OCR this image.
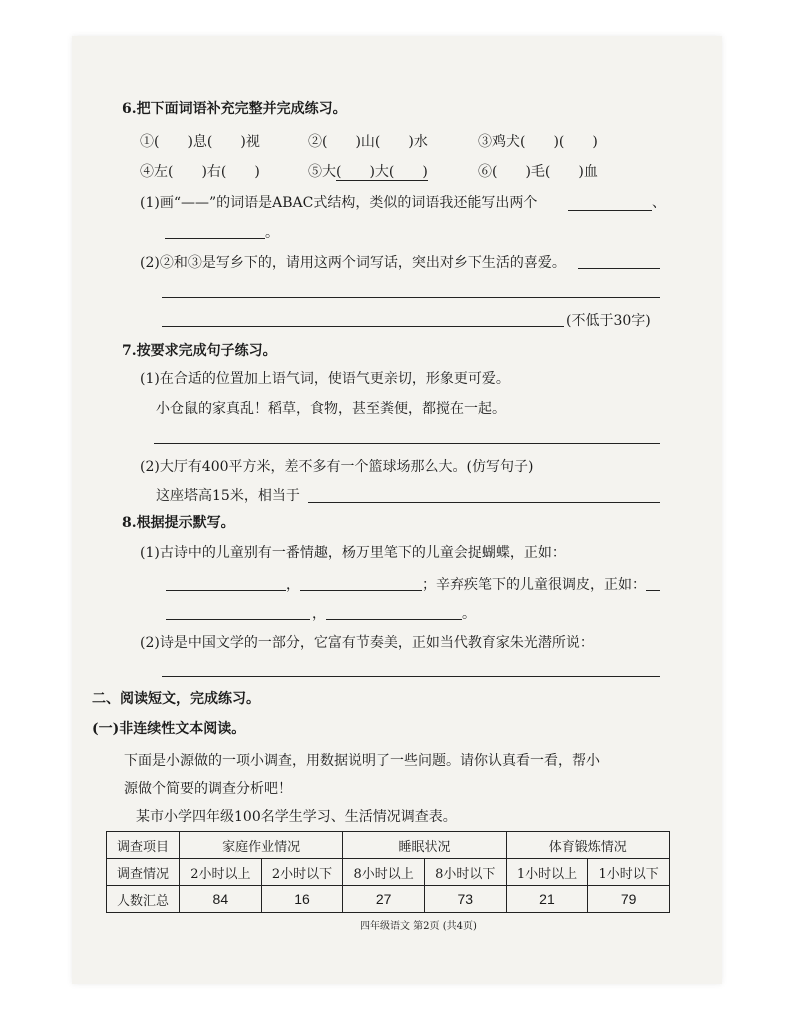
6.把下面词语补充完整并完成练习。
①(　　)息(　　)视	②(　　)山(　　)水	③鸡犬(　　)(　　)
④左(　　)右(　　)	⑤大(　　)大(　　)	⑥(　　)毛(　　)血
(1)画“——”的词语是ABAC式结构，类似的词语我还能写出两个	、
。
(2)②和③是写乡下的，请用这两个词写话，突出对乡下生活的喜爱。
(不低于30字)
7.按要求完成句子练习。
(1)在合适的位置加上语气词，使语气更亲切，形象更可爱。
小仓鼠的家真乱！稻草，食物，甚至粪便，都搅在一起。
(2)大厅有400平方米，差不多有一个篮球场那么大。(仿写句子)
这座塔高15米，相当于
8.根据提示默写。
(1)古诗中的儿童别有一番情趣，杨万里笔下的儿童会捉蝴蝶，正如：
，	；辛弃疾笔下的儿童很调皮，正如：
，	。
(2)诗是中国文学的一部分，它富有节奏美，正如当代教育家朱光潜所说：
二、阅读短文，完成练习。
(一)非连续性文本阅读。
下面是小源做的一项小调查，用数据说明了一些问题。请你认真看一看，帮小
源做个简要的调查分析吧！
某市小学四年级100名学生学习、生活情况调查表。
调查项目	家庭作业情况		睡眠状况		体育锻炼情况	
调查情况	2小时以上	2小时以下	8小时以上	8小时以下	1小时以上	1小时以下
人数汇总	84	16	27	73	21	79
四年级语文 第2页 (共4页)
